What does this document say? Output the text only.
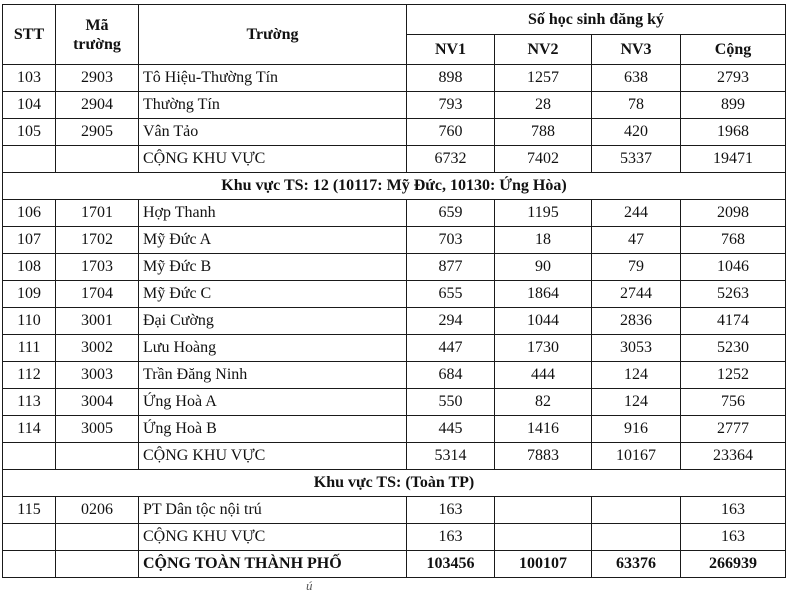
STT	Mã trường	Trường	Số học sinh đăng ký			
			NV1	NV2	NV3	Cộng
103	2903	Tô Hiệu-Thường Tín	898	1257	638	2793
104	2904	Thường Tín	793	28	78	899
105	2905	Vân Tảo	760	788	420	1968
		CỘNG KHU VỰC	6732	7402	5337	19471
Khu vực TS: 12 (10117: Mỹ Đức, 10130: Ứng Hòa)						
106	1701	Hợp Thanh	659	1195	244	2098
107	1702	Mỹ Đức A	703	18	47	768
108	1703	Mỹ Đức B	877	90	79	1046
109	1704	Mỹ Đức C	655	1864	2744	5263
110	3001	Đại Cường	294	1044	2836	4174
111	3002	Lưu Hoàng	447	1730	3053	5230
112	3003	Trần Đăng Ninh	684	444	124	1252
113	3004	Ứng Hoà A	550	82	124	756
114	3005	Ứng Hoà B	445	1416	916	2777
		CỘNG KHU VỰC	5314	7883	10167	23364
Khu vực TS: (Toàn TP)						
115	0206	PT Dân tộc nội trú	163			163
		CỘNG KHU VỰC	163			163
		CỘNG TOÀN THÀNH PHỐ	103456	100107	63376	266939
ú
